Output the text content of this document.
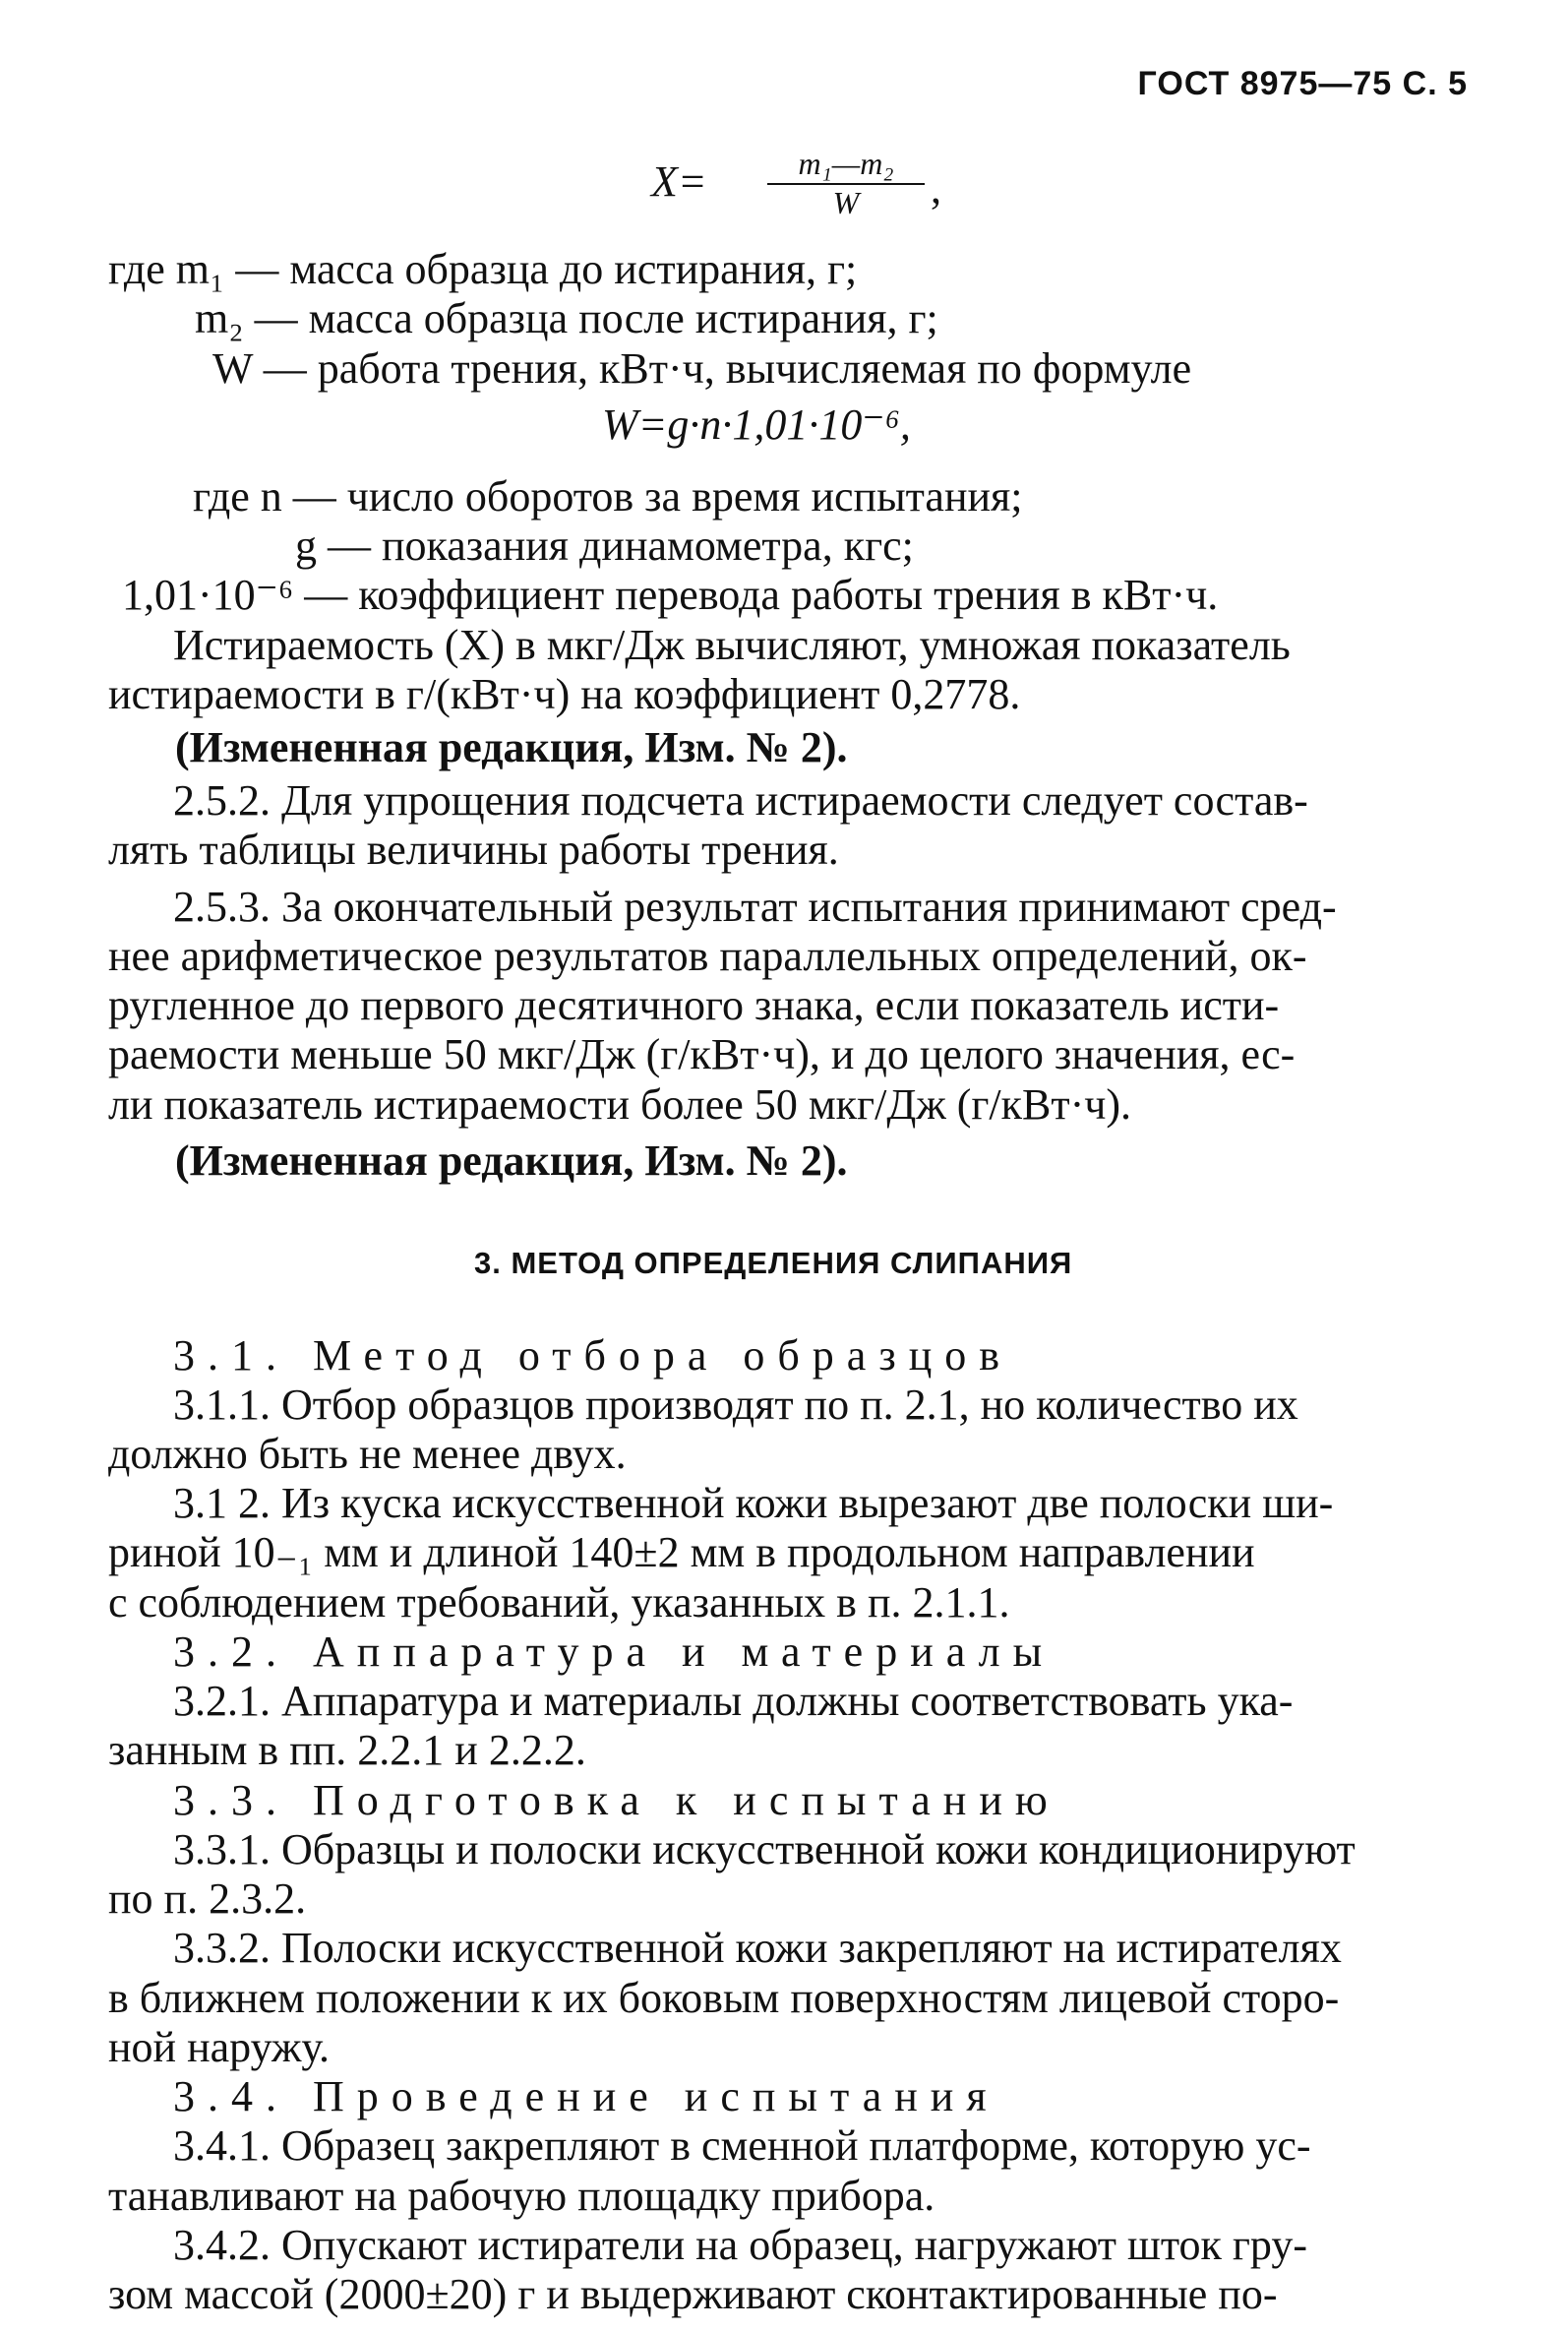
ГОСТ 8975—75 С. 5
X=	m₁—m₂
W	,
где m₁ — масса образца до истирания, г;
m₂ — масса образца после истирания, г;
W — работа трения, кВт·ч, вычисляемая по формуле
W=g·n·1,01·10⁻⁶,
где n — число оборотов за время испытания;
g — показания динамометра, кгс;
1,01·10⁻⁶ — коэффициент перевода работы трения в кВт·ч.
Истираемость (X) в мкг/Дж вычисляют, умножая показатель
истираемости в г/(кВт·ч) на коэффициент 0,2778.
(Измененная редакция, Изм. № 2).
2.5.2. Для упрощения подсчета истираемости следует состав-
лять таблицы величины работы трения.
2.5.3. За окончательный результат испытания принимают сред-
нее арифметическое результатов параллельных определений, ок-
ругленное до первого десятичного знака, если показатель исти-
раемости меньше 50 мкг/Дж (г/кВт·ч), и до целого значения, ес-
ли показатель истираемости более 50 мкг/Дж (г/кВт·ч).
(Измененная редакция, Изм. № 2).
3. МЕТОД ОПРЕДЕЛЕНИЯ СЛИПАНИЯ
3.1. Метод отбора образцов
3.1.1. Отбор образцов производят по п. 2.1, но количество их
должно быть не менее двух.
3.1 2. Из куска искусственной кожи вырезают две полоски ши-
риной 10₋₁ мм и длиной 140±2 мм в продольном направлении
с соблюдением требований, указанных в п. 2.1.1.
3.2. Аппаратура и материалы
3.2.1. Аппаратура и материалы должны соответствовать ука-
занным в пп. 2.2.1 и 2.2.2.
3.3. Подготовка к испытанию
3.3.1. Образцы и полоски искусственной кожи кондиционируют
по п. 2.3.2.
3.3.2. Полоски искусственной кожи закрепляют на истирателях
в ближнем положении к их боковым поверхностям лицевой сторо-
ной наружу.
3.4. Проведение испытания
3.4.1. Образец закрепляют в сменной платформе, которую ус-
танавливают на рабочую площадку прибора.
3.4.2. Опускают истиратели на образец, нагружают шток гру-
зом массой (2000±20) г и выдерживают сконтактированные по-
